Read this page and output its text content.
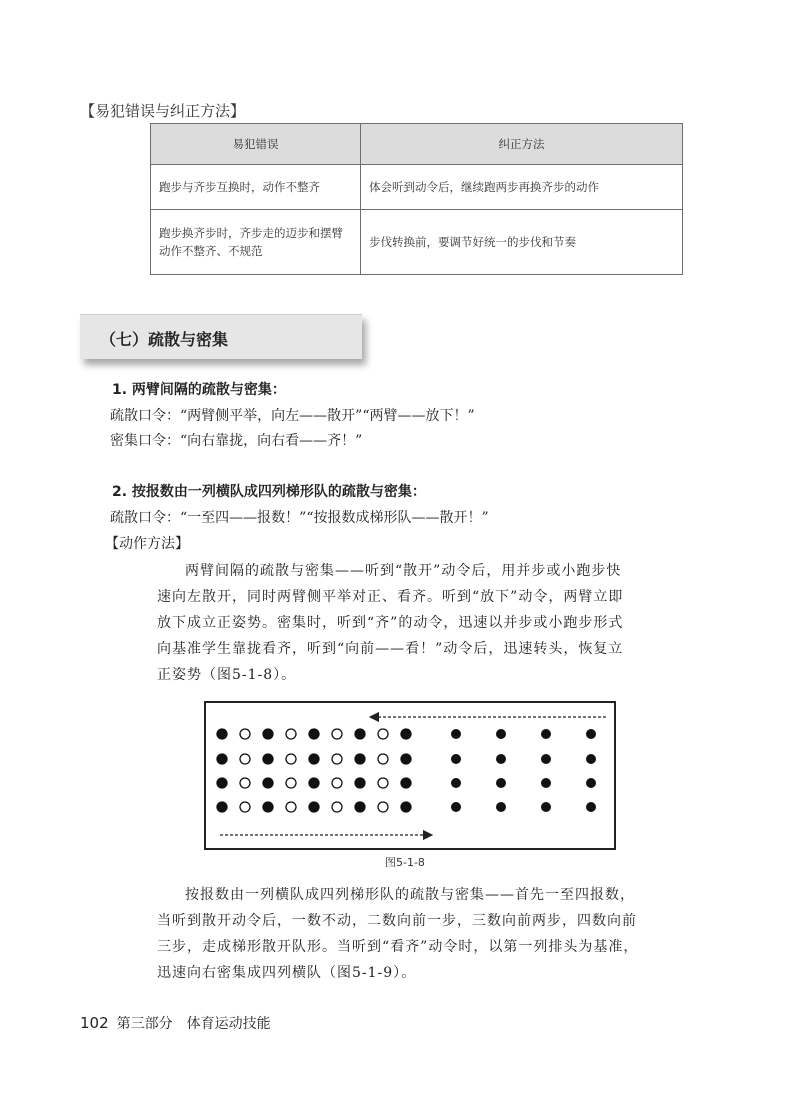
【易犯错误与纠正方法】
易犯错误	纠正方法
跑步与齐步互换时，动作不整齐	体会听到动令后，继续跑两步再换齐步的动作
跑步换齐步时，齐步走的迈步和摆臂动作不整齐、不规范	步伐转换前，要调节好统一的步伐和节奏
（七）疏散与密集
1. 两臂间隔的疏散与密集：
疏散口令：“两臂侧平举，向左——散开”“两臂——放下！”
密集口令：“向右靠拢，向右看——齐！”
2. 按报数由一列横队成四列梯形队的疏散与密集：
疏散口令：“一至四——报数！”“按报数成梯形队——散开！”
【动作方法】
两臂间隔的疏散与密集——听到“散开”动令后，用并步或小跑步快
速向左散开，同时两臂侧平举对正、看齐。听到“放下”动令，两臂立即
放下成立正姿势。密集时，听到“齐”的动令，迅速以并步或小跑步形式
向基准学生靠拢看齐，听到“向前——看！”动令后，迅速转头，恢复立
正姿势（图5-1-8）。
图5-1-8
按报数由一列横队成四列梯形队的疏散与密集——首先一至四报数，
当听到散开动令后，一数不动，二数向前一步，三数向前两步，四数向前
三步，走成梯形散开队形。当听到“看齐”动令时，以第一列排头为基准，
迅速向右密集成四列横队（图5-1-9）。
102 第三部分　体育运动技能
